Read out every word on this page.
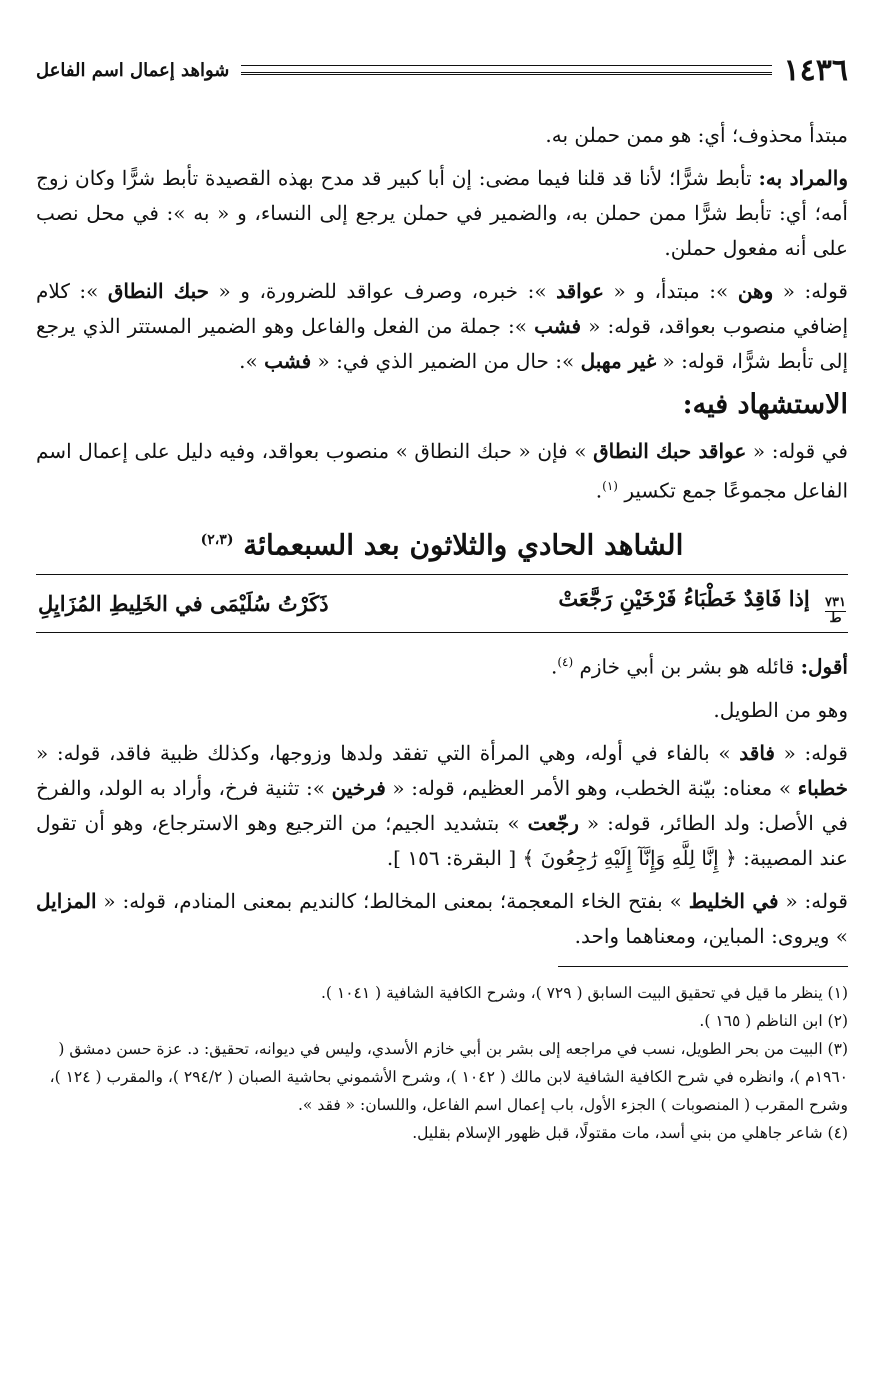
١٤٣٦
شواهد إعمال اسم الفاعل

مبتدأ محذوف؛ أي: هو ممن حملن به.

والمراد به: تأبط شرًّا؛ لأنا قد قلنا فيما مضى: إن أبا كبير قد مدح بهذه القصيدة تأبط شرًّا وكان زوج أمه؛ أي: تأبط شرًّا ممن حملن به، والضمير في حملن يرجع إلى النساء، و « به »: في محل نصب على أنه مفعول حملن.

قوله: « وهن »: مبتدأ، و « عواقد »: خبره، وصرف عواقد للضرورة، و « حبك النطاق »: كلام إضافي منصوب بعواقد، قوله: « فشب »: جملة من الفعل والفاعل وهو الضمير المستتر الذي يرجع إلى تأبط شرًّا، قوله: « غير مهبل »: حال من الضمير الذي في: « فشب ».

الاستشهاد فيه:

في قوله: « عواقد حبك النطاق » فإن « حبك النطاق » منصوب بعواقد، وفيه دليل على إعمال اسم الفاعل مجموعًا جمع تكسير $^{(١)}$.

الشاهد الحادي والثلاثون بعد السبعمائة $^{(٢،٣)}$
٧٣١
ط
إذا فَاقِدٌ خَطْبَاءُ فَرْخَيْنِ رَجَّعَتْ
ذَكَرْتُ سُلَيْمَى في الخَلِيطِ المُزَايِلِ

أقول: قائله هو بشر بن أبي خازم $^{(٤)}$.

وهو من الطويل.

قوله: « فاقد » بالفاء في أوله، وهي المرأة التي تفقد ولدها وزوجها، وكذلك ظبية فاقد، قوله: « خطباء » معناه: بيّنة الخطب، وهو الأمر العظيم، قوله: « فرخين »: تثنية فرخ، وأراد به الولد، والفرخ في الأصل: ولد الطائر، قوله: « رجّعت » بتشديد الجيم؛ من الترجيع وهو الاسترجاع، وهو أن تقول عند المصيبة: ﴿ إِنَّا لِلَّهِ وَإِنَّآ إِلَيْهِ رَٰجِعُونَ ﴾ [ البقرة: ١٥٦ ].

قوله: « في الخليط » بفتح الخاء المعجمة؛ بمعنى المخالط؛ كالنديم بمعنى المنادم، قوله: « المزايل » ويروى: المباين، ومعناهما واحد.

(١) ينظر ما قيل في تحقيق البيت السابق ( ٧٢٩ )، وشرح الكافية الشافية ( ١٠٤١ ).

(٢) ابن الناظم ( ١٦٥ ).

(٣) البيت من بحر الطويل، نسب في مراجعه إلى بشر بن أبي خازم الأسدي، وليس في ديوانه، تحقيق: د. عزة حسن دمشق ( ١٩٦٠م )، وانظره في شرح الكافية الشافية لابن مالك ( ١٠٤٢ )، وشرح الأشموني بحاشية الصبان ( ٢٩٤/٢ )، والمقرب ( ١٢٤ )، وشرح المقرب ( المنصوبات ) الجزء الأول، باب إعمال اسم الفاعل، واللسان: « فقد ».

(٤) شاعر جاهلي من بني أسد، مات مقتولًا، قبل ظهور الإسلام بقليل.
